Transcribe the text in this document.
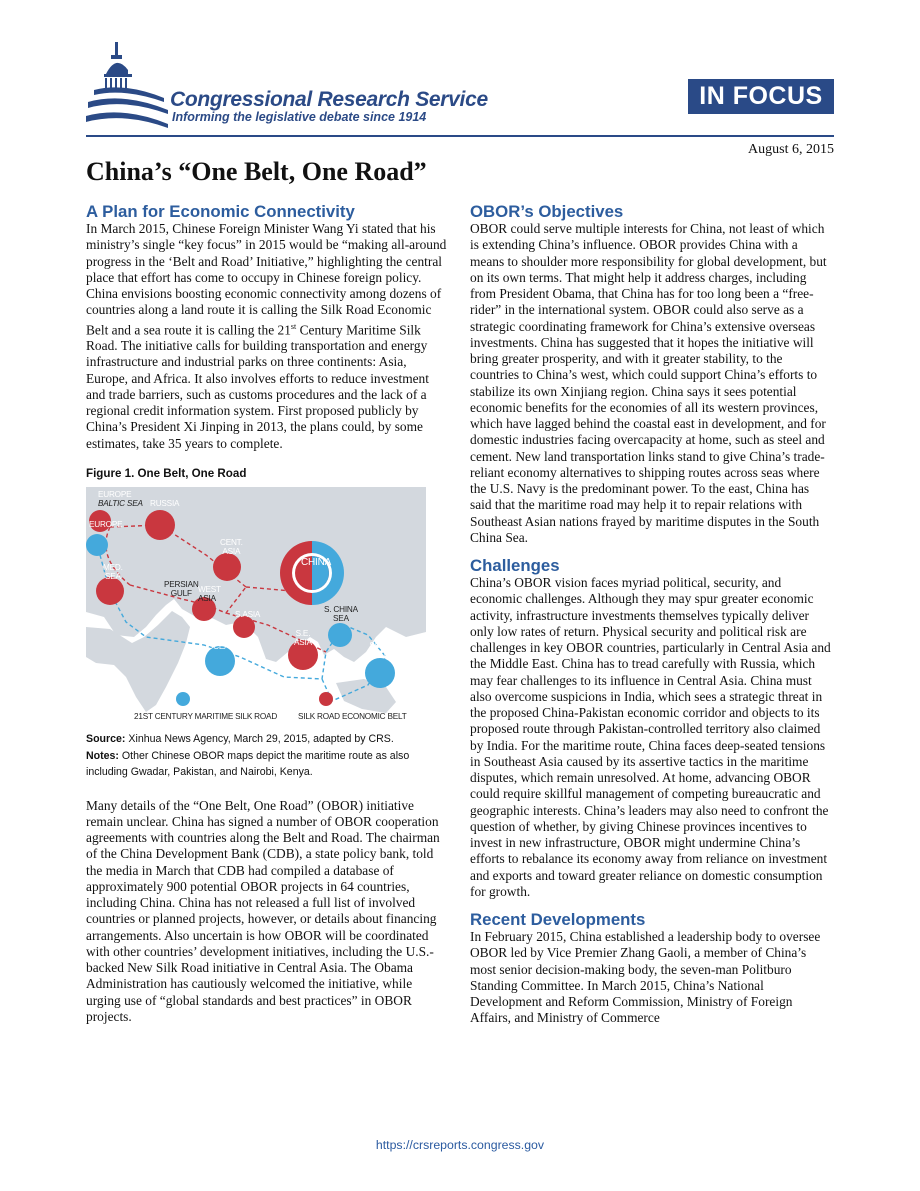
Congressional Research Service
Informing the legislative debate since 1914
IN FOCUS
August 6, 2015
China’s “One Belt, One Road”
A Plan for Economic Connectivity

In March 2015, Chinese Foreign Minister Wang Yi stated that his ministry’s single “key focus” in 2015 would be “making all-around progress in the ‘Belt and Road’ Initiative,” highlighting the central place that effort has come to occupy in Chinese foreign policy. China envisions boosting economic connectivity among dozens of countries along a land route it is calling the Silk Road Economic Belt and a sea route it is calling the 21st Century Maritime Silk Road. The initiative calls for building transportation and energy infrastructure and industrial parks on three continents: Asia, Europe, and Africa. It also involves efforts to reduce investment and trade barriers, such as customs procedures and the lack of a regional credit information system. First proposed publicly by China’s President Xi Jinping in 2013, the plans could, by some estimates, take 35 years to complete.

Figure 1. One Belt, One Road
EUROPE
BALTIC SEA RUSSIA
EUROPE
CENT.
ASIA
CHINA
MED.
SEA
PERSIAN
GULF WEST
ASIA
S.ASIA
S. CHINA
SEA
INDIAN
OCEAN
S.E.
ASIA	SOUTH
PACIFIC
21ST CENTURY MARITIME SILK ROAD	SILK ROAD ECONOMIC BELT

Source: Xinhua News Agency, March 29, 2015, adapted by CRS.

Notes: Other Chinese OBOR maps depict the maritime route as also including Gwadar, Pakistan, and Nairobi, Kenya.

Many details of the “One Belt, One Road” (OBOR) initiative remain unclear. China has signed a number of OBOR cooperation agreements with countries along the Belt and Road. The chairman of the China Development Bank (CDB), a state policy bank, told the media in March that CDB had compiled a database of approximately 900 potential OBOR projects in 64 countries, including China. China has not released a full list of involved countries or planned projects, however, or details about financing arrangements. Also uncertain is how OBOR will be coordinated with other countries’ development initiatives, including the U.S.-backed New Silk Road initiative in Central Asia. The Obama Administration has cautiously welcomed the initiative, while urging use of “global standards and best practices” in OBOR projects.

OBOR’s Objectives

OBOR could serve multiple interests for China, not least of which is extending China’s influence. OBOR provides China with a means to shoulder more responsibility for global development, but on its own terms. That might help it address charges, including from President Obama, that China has for too long been a “free-rider” in the international system. OBOR could also serve as a strategic coordinating framework for China’s extensive overseas investments. China has suggested that it hopes the initiative will bring greater prosperity, and with it greater stability, to the countries to China’s west, which could support China’s efforts to stabilize its own Xinjiang region. China says it sees potential economic benefits for the economies of all its western provinces, which have lagged behind the coastal east in development, and for domestic industries facing overcapacity at home, such as steel and cement. New land transportation links stand to give China’s trade-reliant economy alternatives to shipping routes across seas where the U.S. Navy is the predominant power. To the east, China has said that the maritime road may help it to repair relations with Southeast Asian nations frayed by maritime disputes in the South China Sea.

Challenges

China’s OBOR vision faces myriad political, security, and economic challenges. Although they may spur greater economic activity, infrastructure investments themselves typically deliver only low rates of return. Physical security and political risk are challenges in key OBOR countries, particularly in Central Asia and the Middle East. China has to tread carefully with Russia, which may fear challenges to its influence in Central Asia. China must also overcome suspicions in India, which sees a strategic threat in the proposed China-Pakistan economic corridor and objects to its proposed route through Pakistan-controlled territory also claimed by India. For the maritime route, China faces deep-seated tensions in Southeast Asia caused by its assertive tactics in the maritime disputes, which remain unresolved. At home, advancing OBOR could require skillful management of competing bureaucratic and geographic interests. China’s leaders may also need to confront the question of whether, by giving Chinese provinces incentives to invest in new infrastructure, OBOR might undermine China’s efforts to rebalance its economy away from reliance on investment and exports and toward greater reliance on domestic consumption for growth.

Recent Developments

In February 2015, China established a leadership body to oversee OBOR led by Vice Premier Zhang Gaoli, a member of China’s most senior decision-making body, the seven-man Politburo Standing Committee. In March 2015, China’s National Development and Reform Commission, Ministry of Foreign Affairs, and Ministry of Commerce

https://crsreports.congress.gov
